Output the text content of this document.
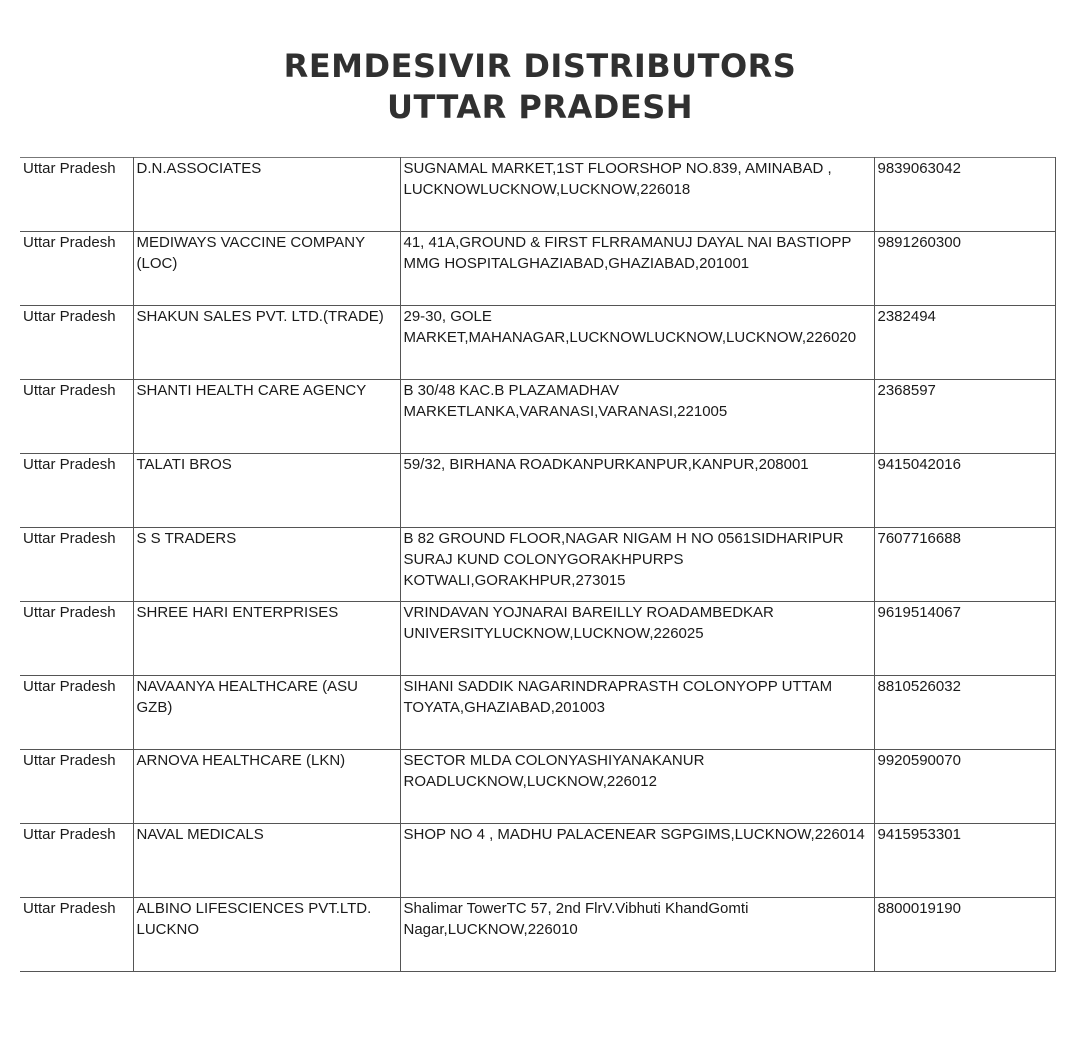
REMDESIVIR DISTRIBUTORS
UTTAR PRADESH
Uttar Pradesh	D.N.ASSOCIATES	SUGNAMAL MARKET,1ST FLOORSHOP NO.839, AMINABAD , LUCKNOWLUCKNOW,LUCKNOW,226018	9839063042

Uttar Pradesh	MEDIWAYS VACCINE COMPANY (LOC)	41, 41A,GROUND & FIRST FLRRAMANUJ DAYAL NAI BASTIOPP MMG HOSPITALGHAZIABAD,GHAZIABAD,201001	9891260300

Uttar Pradesh	SHAKUN SALES PVT. LTD.(TRADE)	29-30, GOLE MARKET,MAHANAGAR,LUCKNOWLUCKNOW,LUCKNOW,226020	2382494

Uttar Pradesh	SHANTI HEALTH CARE AGENCY	B 30/48 KAC.B PLAZAMADHAV MARKETLANKA,VARANASI,VARANASI,221005	2368597

Uttar Pradesh	TALATI BROS	59/32, BIRHANA ROADKANPURKANPUR,KANPUR,208001	9415042016

Uttar Pradesh	S S TRADERS	B 82 GROUND FLOOR,NAGAR NIGAM H NO 0561SIDHARIPUR SURAJ KUND COLONYGORAKHPURPS KOTWALI,GORAKHPUR,273015	7607716688

Uttar Pradesh	SHREE HARI ENTERPRISES	VRINDAVAN YOJNARAI BAREILLY ROADAMBEDKAR UNIVERSITYLUCKNOW,LUCKNOW,226025	9619514067

Uttar Pradesh	NAVAANYA HEALTHCARE (ASU GZB)	SIHANI SADDIK NAGARINDRAPRASTH COLONYOPP UTTAM TOYATA,GHAZIABAD,201003	8810526032

Uttar Pradesh	ARNOVA HEALTHCARE (LKN)	SECTOR MLDA COLONYASHIYANAKANUR ROADLUCKNOW,LUCKNOW,226012	9920590070

Uttar Pradesh	NAVAL MEDICALS	SHOP NO 4 , MADHU PALACENEAR SGPGIMS,LUCKNOW,226014	9415953301

Uttar Pradesh	ALBINO LIFESCIENCES PVT.LTD. LUCKNO	Shalimar TowerTC 57, 2nd FlrV.Vibhuti KhandGomti Nagar,LUCKNOW,226010	8800019190
